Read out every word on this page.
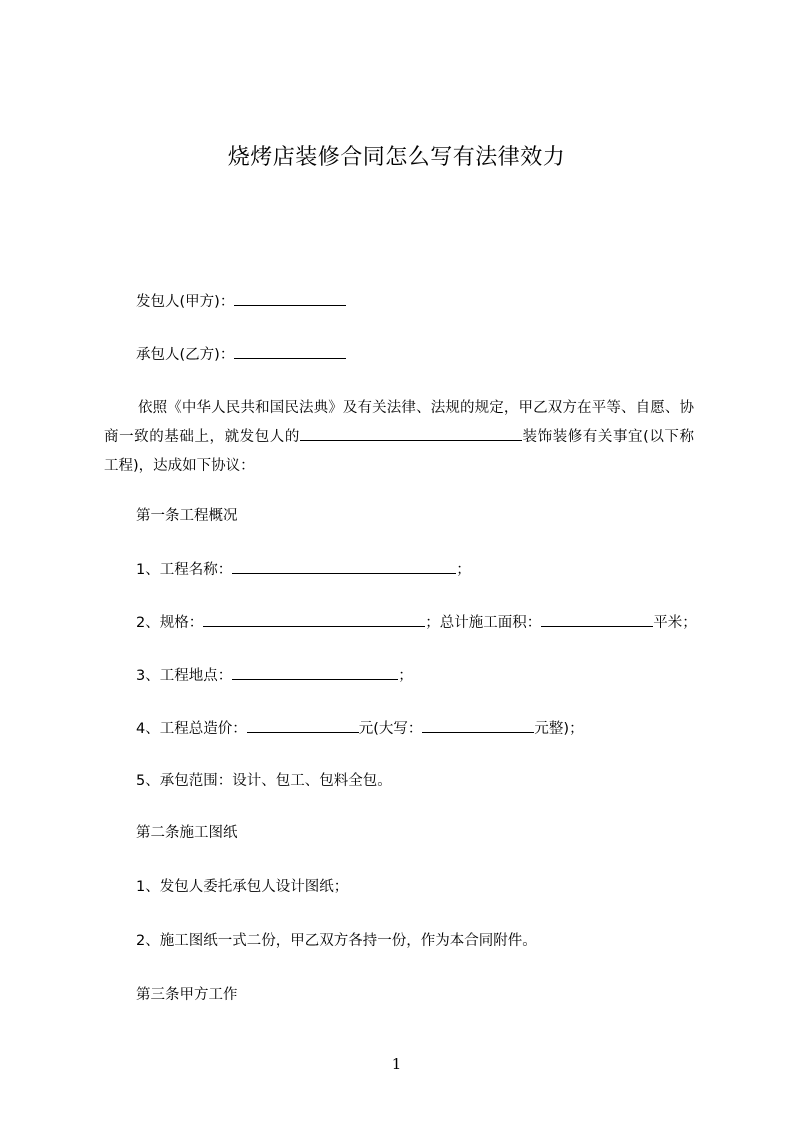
烧烤店装修合同怎么写有法律效力
发包人(甲方)：
承包人(乙方)：
依照《中华人民共和国民法典》及有关法律、法规的规定，甲乙双方在平等、自愿、协商一致的基础上，就发包人的	装饰装修有关事宜(以下称工程)，达成如下协议：
第一条工程概况
1、工程名称：	；
2、规格：	；总计施工面积：	平米；
3、工程地点：	；
4、工程总造价：	元(大写：	元整)；
5、承包范围：设计、包工、包料全包。
第二条施工图纸
1、发包人委托承包人设计图纸；
2、施工图纸一式二份，甲乙双方各持一份，作为本合同附件。
第三条甲方工作
1
